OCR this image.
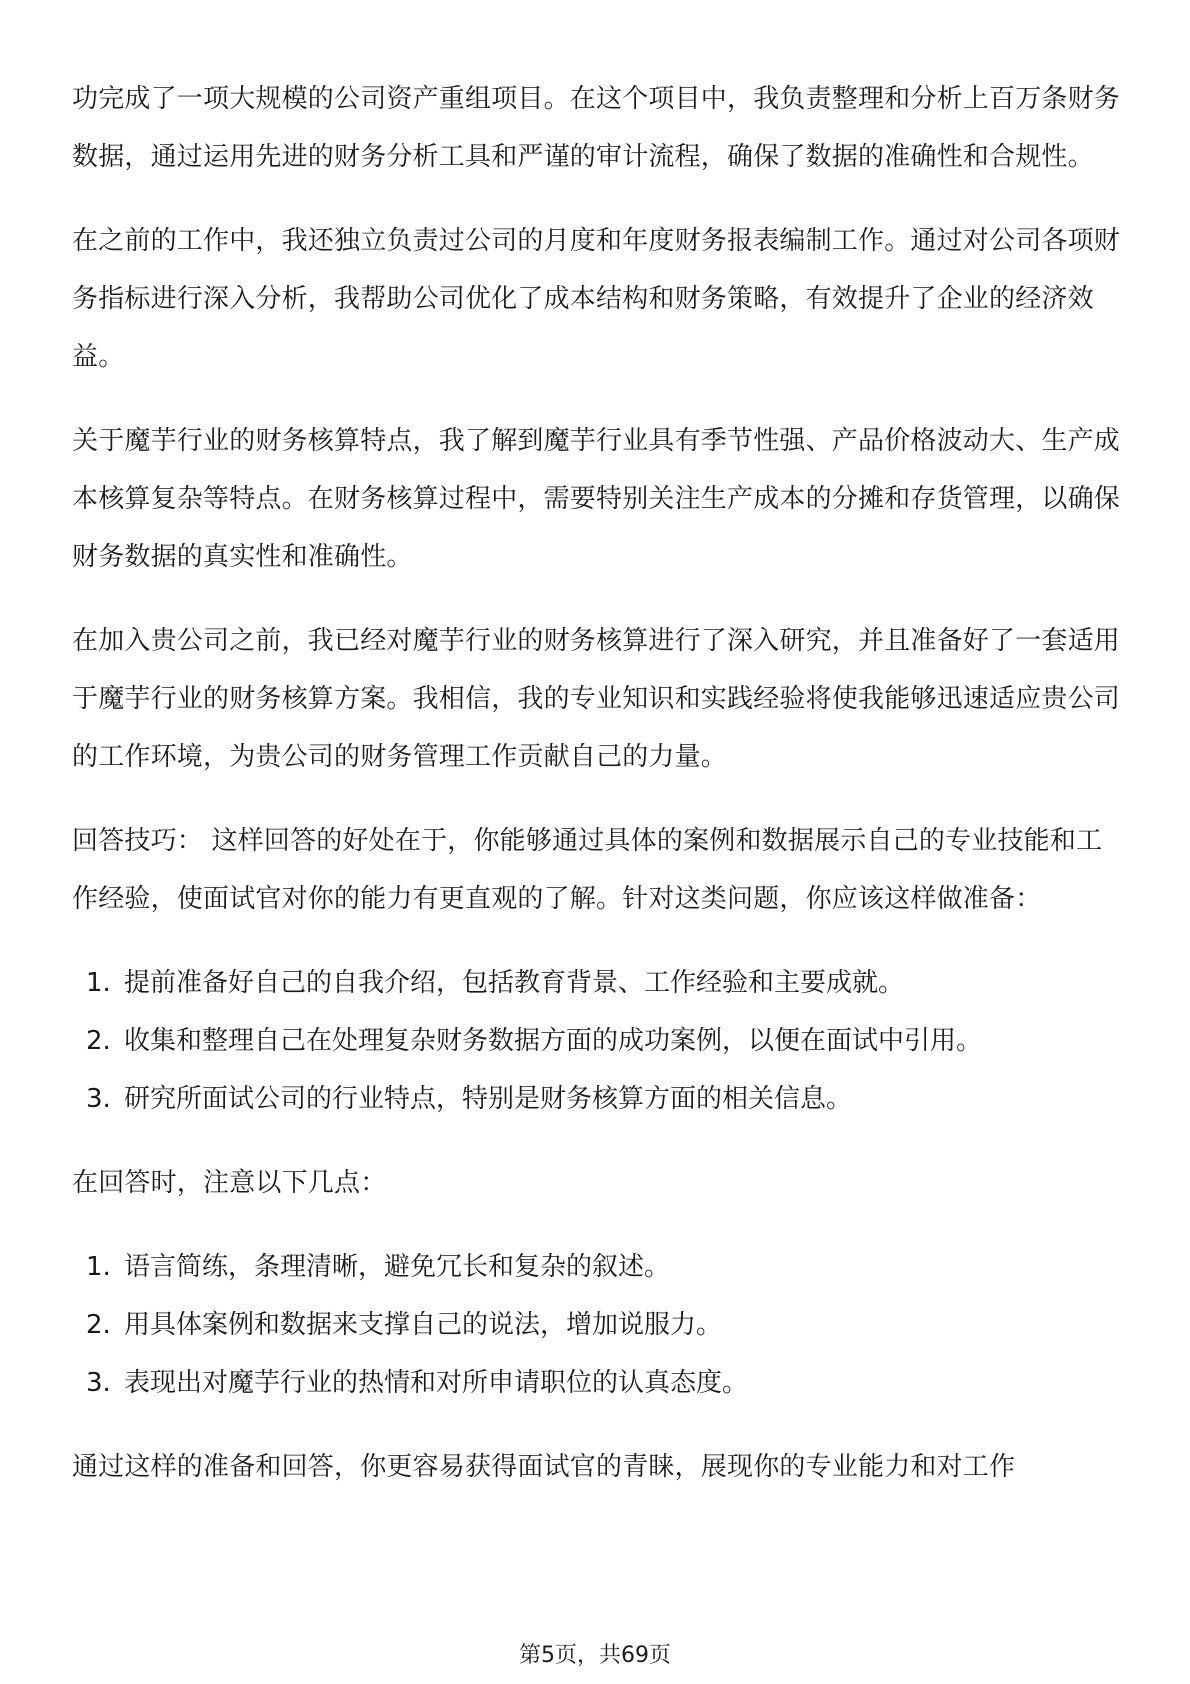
功完成了一项大规模的公司资产重组项目。在这个项目中，我负责整理和分析上百万条财务数据，通过运用先进的财务分析工具和严谨的审计流程，确保了数据的准确性和合规性。

在之前的工作中，我还独立负责过公司的月度和年度财务报表编制工作。通过对公司各项财务指标进行深入分析，我帮助公司优化了成本结构和财务策略，有效提升了企业的经济效益。

关于魔芋行业的财务核算特点，我了解到魔芋行业具有季节性强、产品价格波动大、生产成本核算复杂等特点。在财务核算过程中，需要特别关注生产成本的分摊和存货管理，以确保财务数据的真实性和准确性。

在加入贵公司之前，我已经对魔芋行业的财务核算进行了深入研究，并且准备好了一套适用于魔芋行业的财务核算方案。我相信，我的专业知识和实践经验将使我能够迅速适应贵公司的工作环境，为贵公司的财务管理工作贡献自己的力量。

回答技巧： 这样回答的好处在于，你能够通过具体的案例和数据展示自己的专业技能和工作经验，使面试官对你的能力有更直观的了解。针对这类问题，你应该这样做准备：

1. 提前准备好自己的自我介绍，包括教育背景、工作经验和主要成就。
2. 收集和整理自己在处理复杂财务数据方面的成功案例，以便在面试中引用。
3. 研究所面试公司的行业特点，特别是财务核算方面的相关信息。

在回答时，注意以下几点：

1. 语言简练，条理清晰，避免冗长和复杂的叙述。
2. 用具体案例和数据来支撑自己的说法，增加说服力。
3. 表现出对魔芋行业的热情和对所申请职位的认真态度。

通过这样的准备和回答，你更容易获得面试官的青睐，展现你的专业能力和对工作

第5页，共69页
